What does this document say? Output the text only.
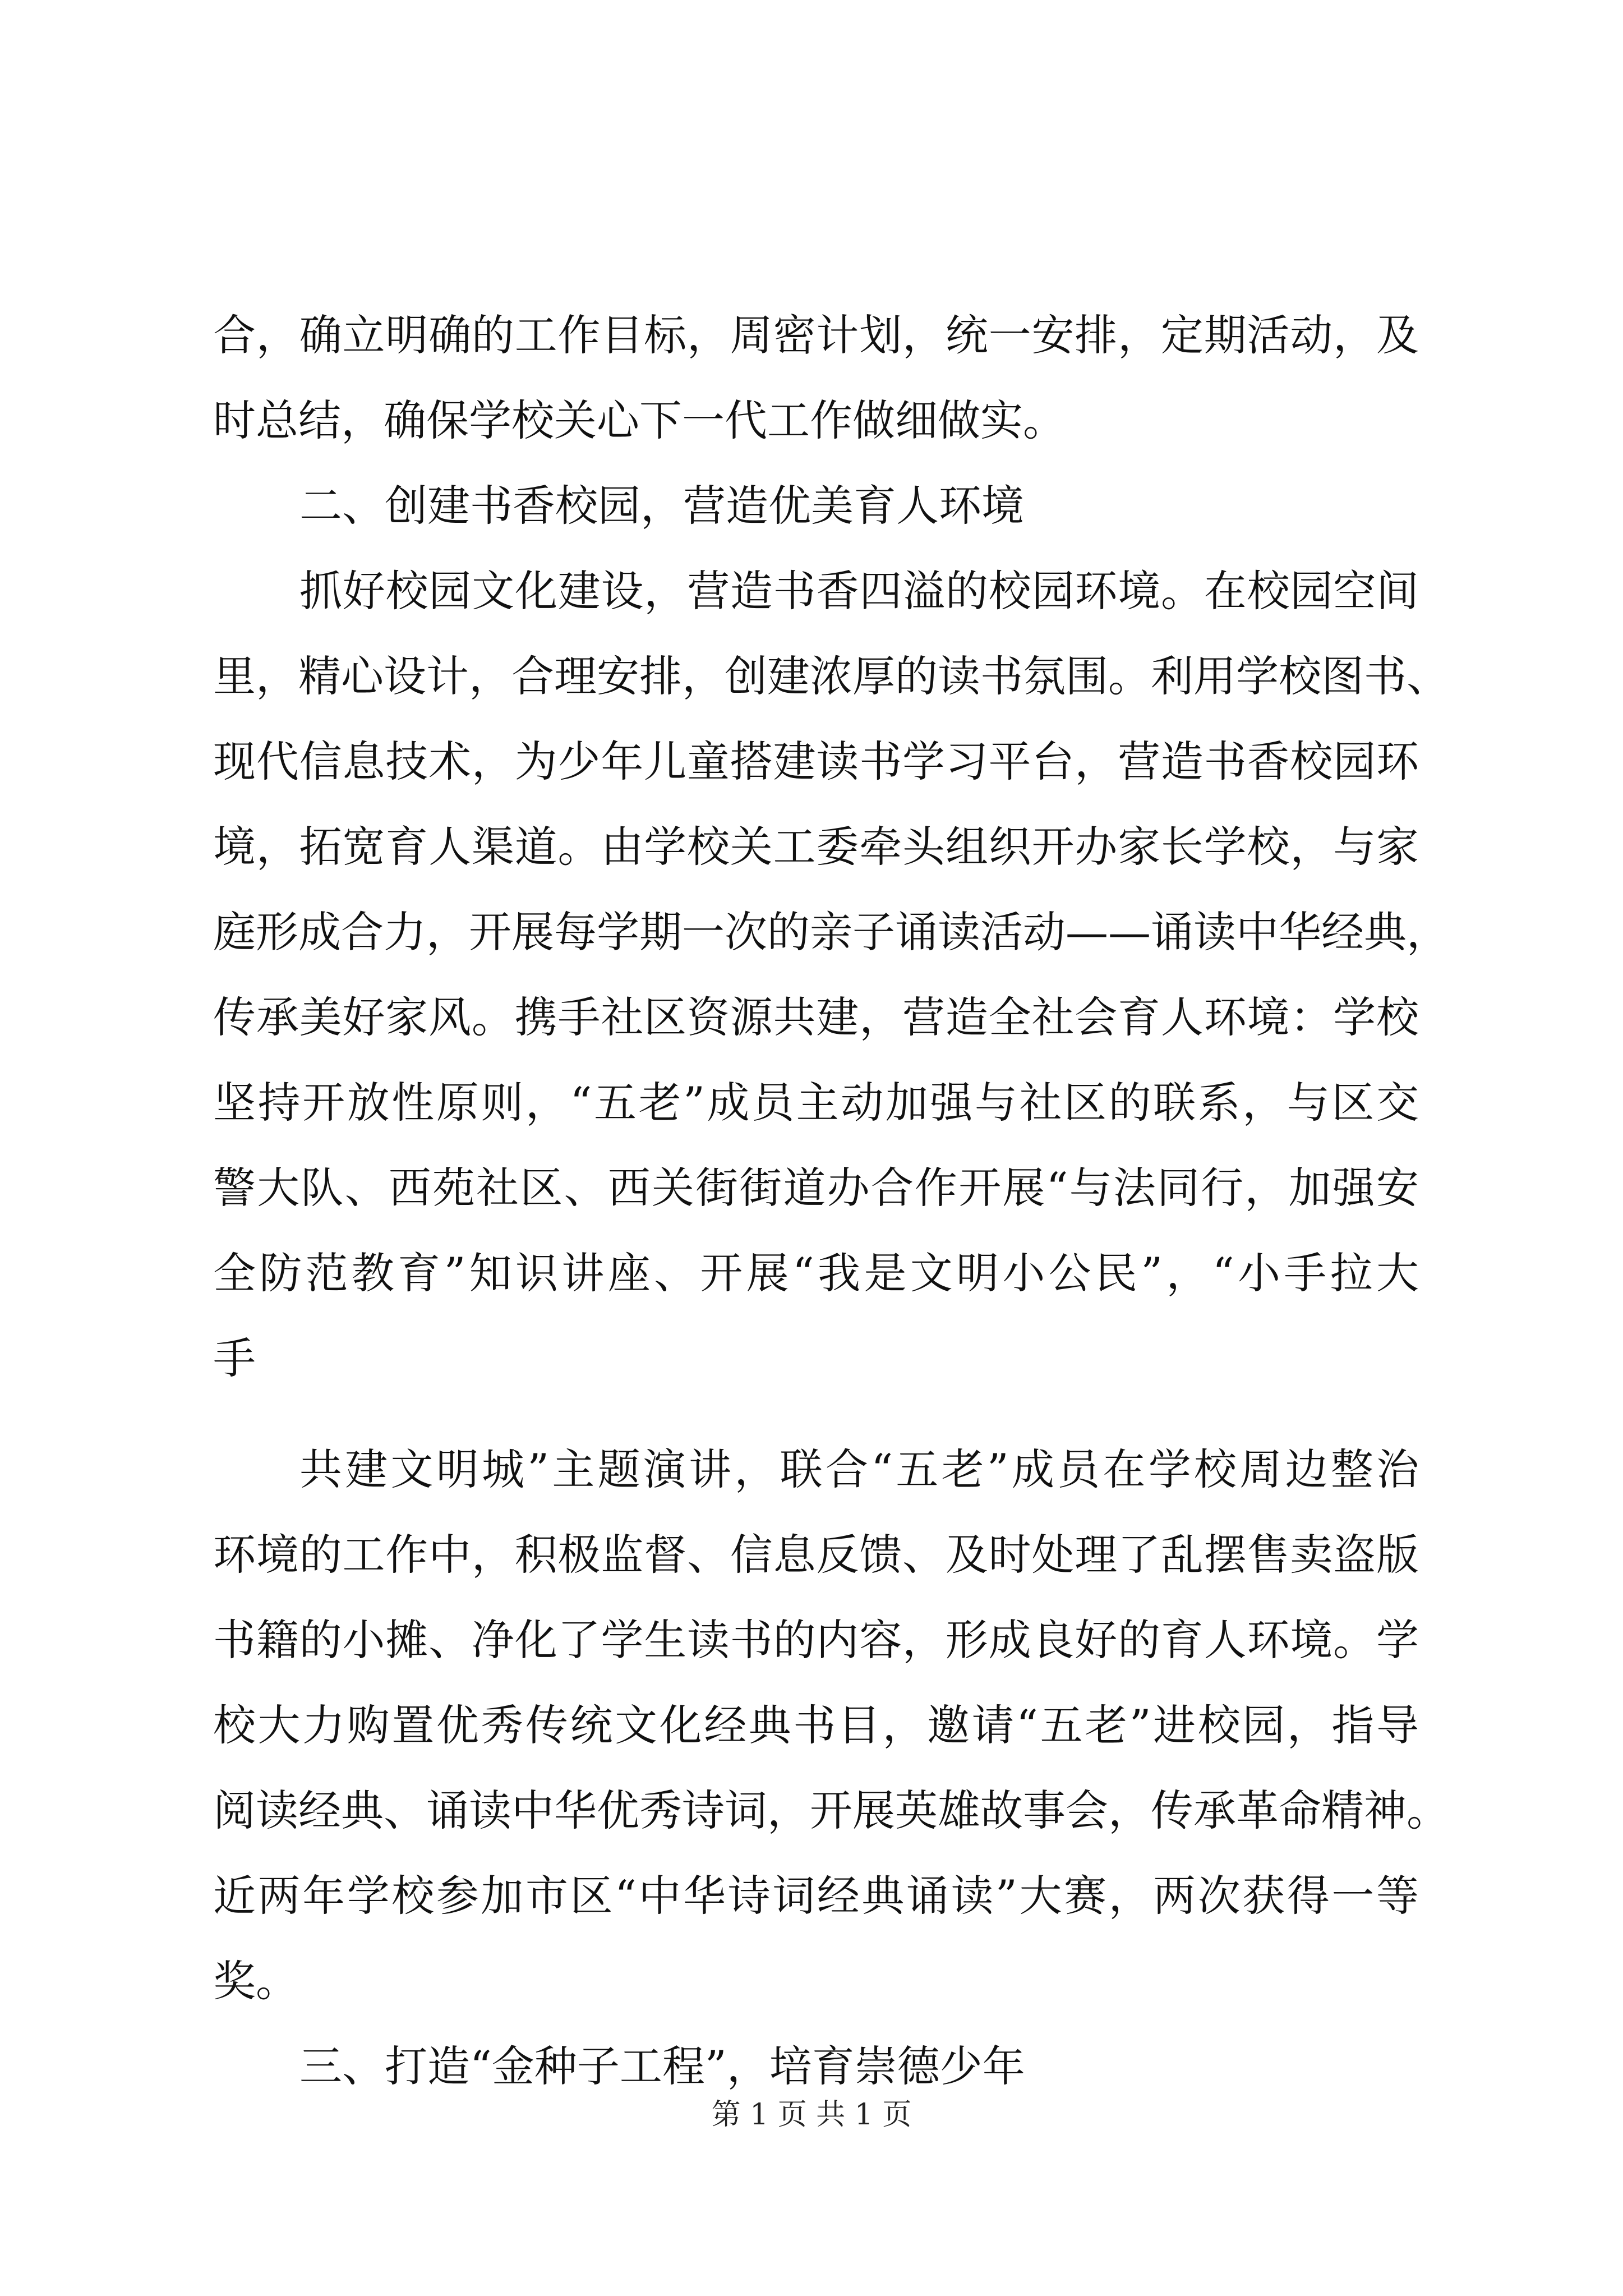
合，确立明确的工作目标，周密计划，统一安排，定期活动，及
时总结，确保学校关心下一代工作做细做实。
二、创建书香校园，营造优美育人环境
抓好校园文化建设，营造书香四溢的校园环境。在校园空间
里，精心设计，合理安排，创建浓厚的读书氛围。利用学校图书、
现代信息技术，为少年儿童搭建读书学习平台，营造书香校园环
境，拓宽育人渠道。由学校关工委牵头组织开办家长学校，与家
庭形成合力，开展每学期一次的亲子诵读活动——诵读中华经典，
传承美好家风。携手社区资源共建，营造全社会育人环境：学校
坚持开放性原则，“五老”成员主动加强与社区的联系，与区交
警大队、西苑社区、西关街街道办合作开展“与法同行，加强安
全防范教育”知识讲座、开展“我是文明小公民”，“小手拉大
手
共建文明城”主题演讲，联合“五老”成员在学校周边整治
环境的工作中，积极监督、信息反馈、及时处理了乱摆售卖盗版
书籍的小摊、净化了学生读书的内容，形成良好的育人环境。学
校大力购置优秀传统文化经典书目，邀请“五老”进校园，指导
阅读经典、诵读中华优秀诗词，开展英雄故事会，传承革命精神。
近两年学校参加市区“中华诗词经典诵读”大赛，两次获得一等
奖。
三、打造“金种子工程”，培育崇德少年
第 1 页 共 1 页
